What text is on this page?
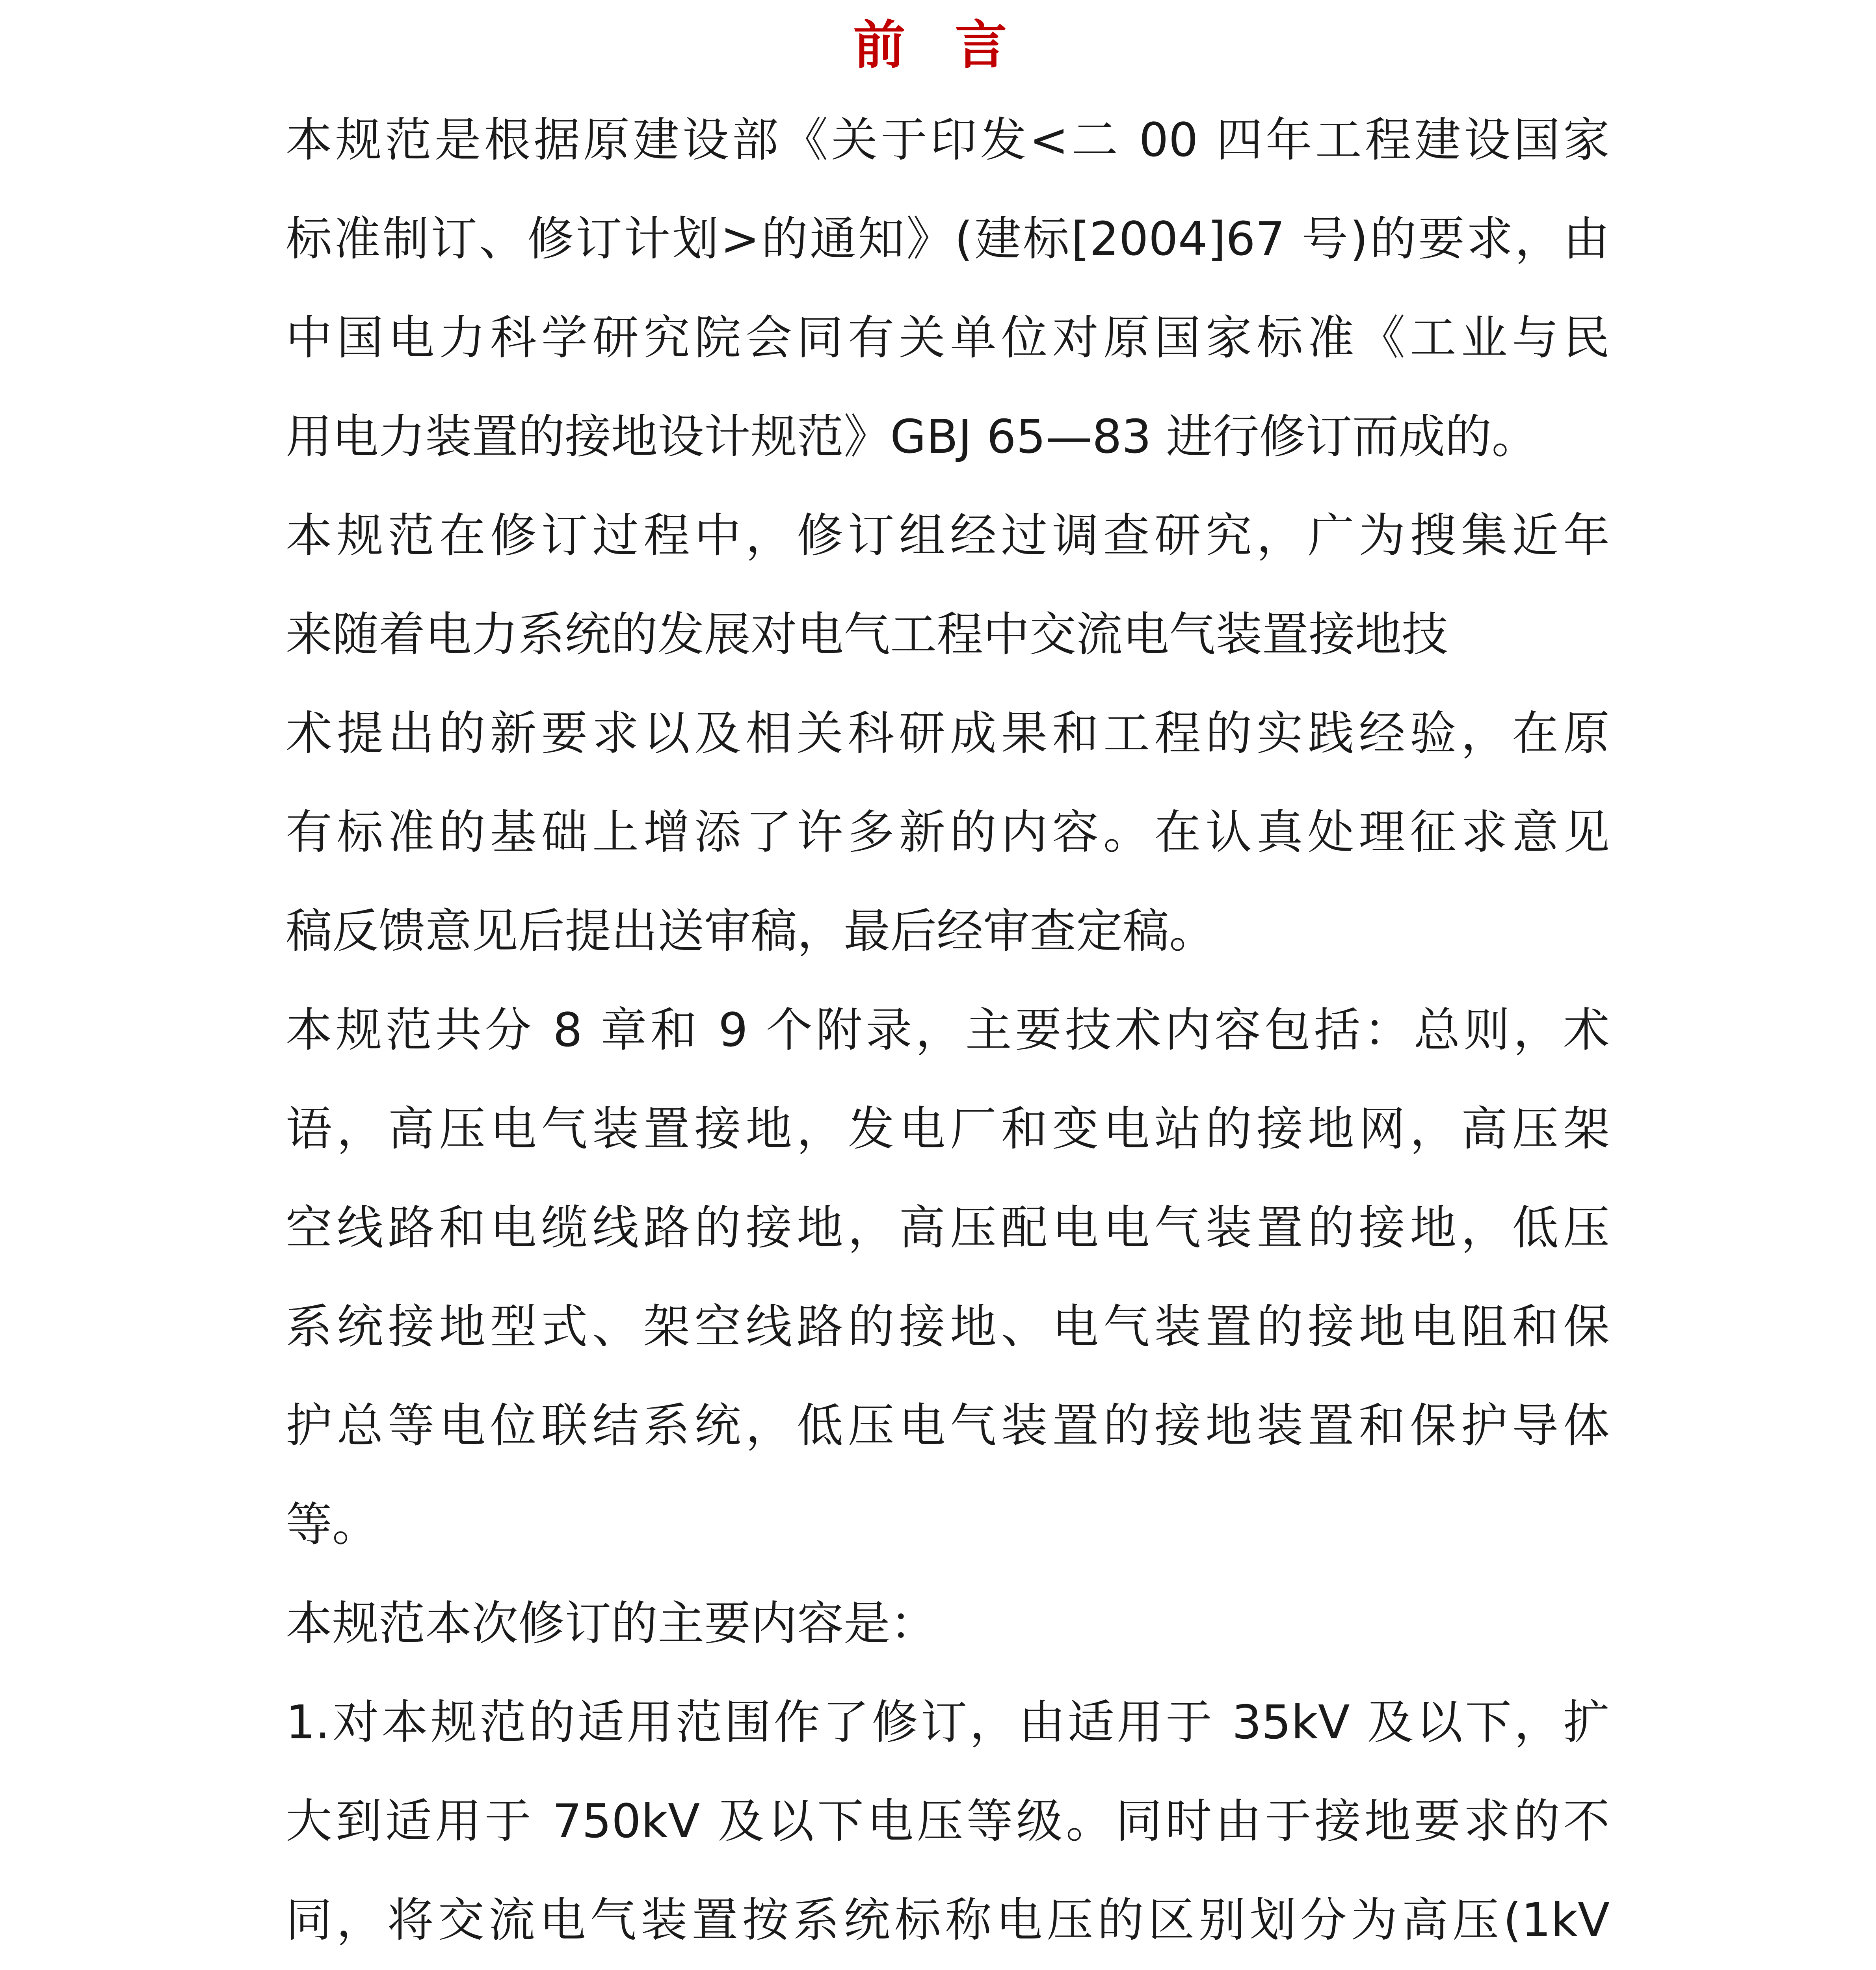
前 言
本规范是根据原建设部《关于印发<二 00 四年工程建设国家
标准制订、修订计划>的通知》(建标[2004]67 号)的要求，由
中国电力科学研究院会同有关单位对原国家标准《工业与民
用电力装置的接地设计规范》GBJ 65—83 进行修订而成的。
本规范在修订过程中，修订组经过调查研究，广为搜集近年
来随着电力系统的发展对电气工程中交流电气装置接地技
术提出的新要求以及相关科研成果和工程的实践经验，在原
有标准的基础上增添了许多新的内容。在认真处理征求意见
稿反馈意见后提出送审稿，最后经审查定稿。
本规范共分 8 章和 9 个附录，主要技术内容包括：总则，术
语，高压电气装置接地，发电厂和变电站的接地网，高压架
空线路和电缆线路的接地，高压配电电气装置的接地，低压
系统接地型式、架空线路的接地、电气装置的接地电阻和保
护总等电位联结系统，低压电气装置的接地装置和保护导体
等。
本规范本次修订的主要内容是：
1.对本规范的适用范围作了修订，由适用于 35kV 及以下，扩
大到适用于 750kV 及以下电压等级。同时由于接地要求的不
同，将交流电气装置按系统标称电压的区别划分为高压(1kV
